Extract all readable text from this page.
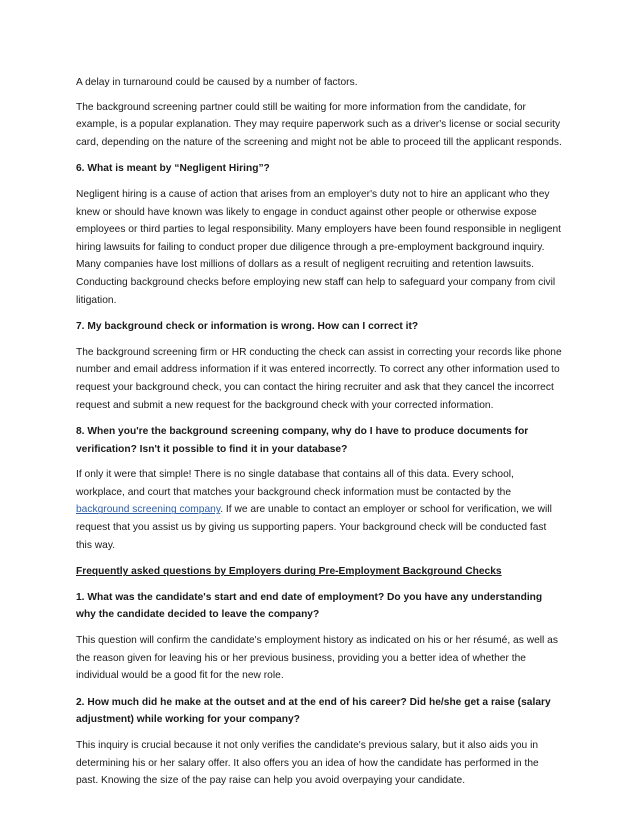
A delay in turnaround could be caused by a number of factors.

The background screening partner could still be waiting for more information from the candidate, for example, is a popular explanation. They may require paperwork such as a driver's license or social security card, depending on the nature of the screening and might not be able to proceed till the applicant responds.

6. What is meant by “Negligent Hiring”?

Negligent hiring is a cause of action that arises from an employer's duty not to hire an applicant who they knew or should have known was likely to engage in conduct against other people or otherwise expose employees or third parties to legal responsibility. Many employers have been found responsible in negligent hiring lawsuits for failing to conduct proper due diligence through a pre-employment background inquiry. Many companies have lost millions of dollars as a result of negligent recruiting and retention lawsuits. Conducting background checks before employing new staff can help to safeguard your company from civil litigation.

7. My background check or information is wrong. How can I correct it?

The background screening firm or HR conducting the check can assist in correcting your records like phone number and email address information if it was entered incorrectly. To correct any other information used to request your background check, you can contact the hiring recruiter and ask that they cancel the incorrect request and submit a new request for the background check with your corrected information.

8. When you're the background screening company, why do I have to produce documents for verification? Isn't it possible to find it in your database?

If only it were that simple! There is no single database that contains all of this data. Every school, workplace, and court that matches your background check information must be contacted by the background screening company. If we are unable to contact an employer or school for verification, we will request that you assist us by giving us supporting papers. Your background check will be conducted fast this way.

Frequently asked questions by Employers during Pre-Employment Background Checks

1. What was the candidate's start and end date of employment? Do you have any understanding why the candidate decided to leave the company?

This question will confirm the candidate's employment history as indicated on his or her résumé, as well as the reason given for leaving his or her previous business, providing you a better idea of whether the individual would be a good fit for the new role.

2. How much did he make at the outset and at the end of his career? Did he/she get a raise (salary adjustment) while working for your company?

This inquiry is crucial because it not only verifies the candidate's previous salary, but it also aids you in determining his or her salary offer. It also offers you an idea of how the candidate has performed in the past. Knowing the size of the pay raise can help you avoid overpaying your candidate.
